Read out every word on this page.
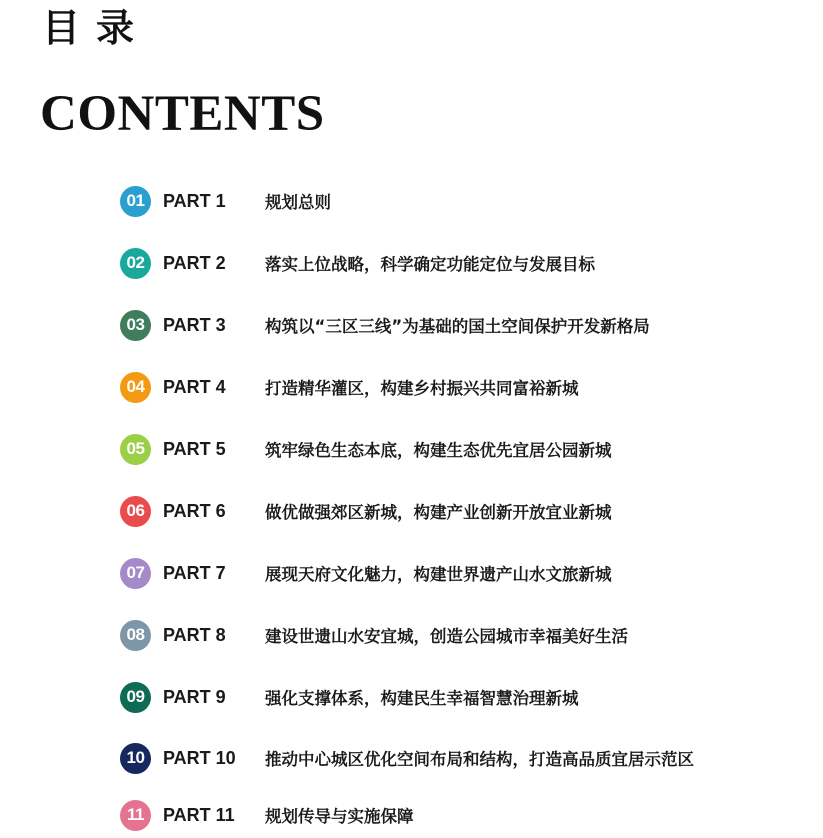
目录
CONTENTS
01	PART 1	规划总则
02	PART 2	落实上位战略，科学确定功能定位与发展目标
03	PART 3	构筑以“三区三线”为基础的国土空间保护开发新格局
04	PART 4	打造精华灌区，构建乡村振兴共同富裕新城
05	PART 5	筑牢绿色生态本底，构建生态优先宜居公园新城
06	PART 6	做优做强郊区新城，构建产业创新开放宜业新城
07	PART 7	展现天府文化魅力，构建世界遗产山水文旅新城
08	PART 8	建设世遗山水安宜城，创造公园城市幸福美好生活
09	PART 9	强化支撑体系，构建民生幸福智慧治理新城
10	PART 10	推动中心城区优化空间布局和结构，打造高品质宜居示范区
11	PART 11	规划传导与实施保障
